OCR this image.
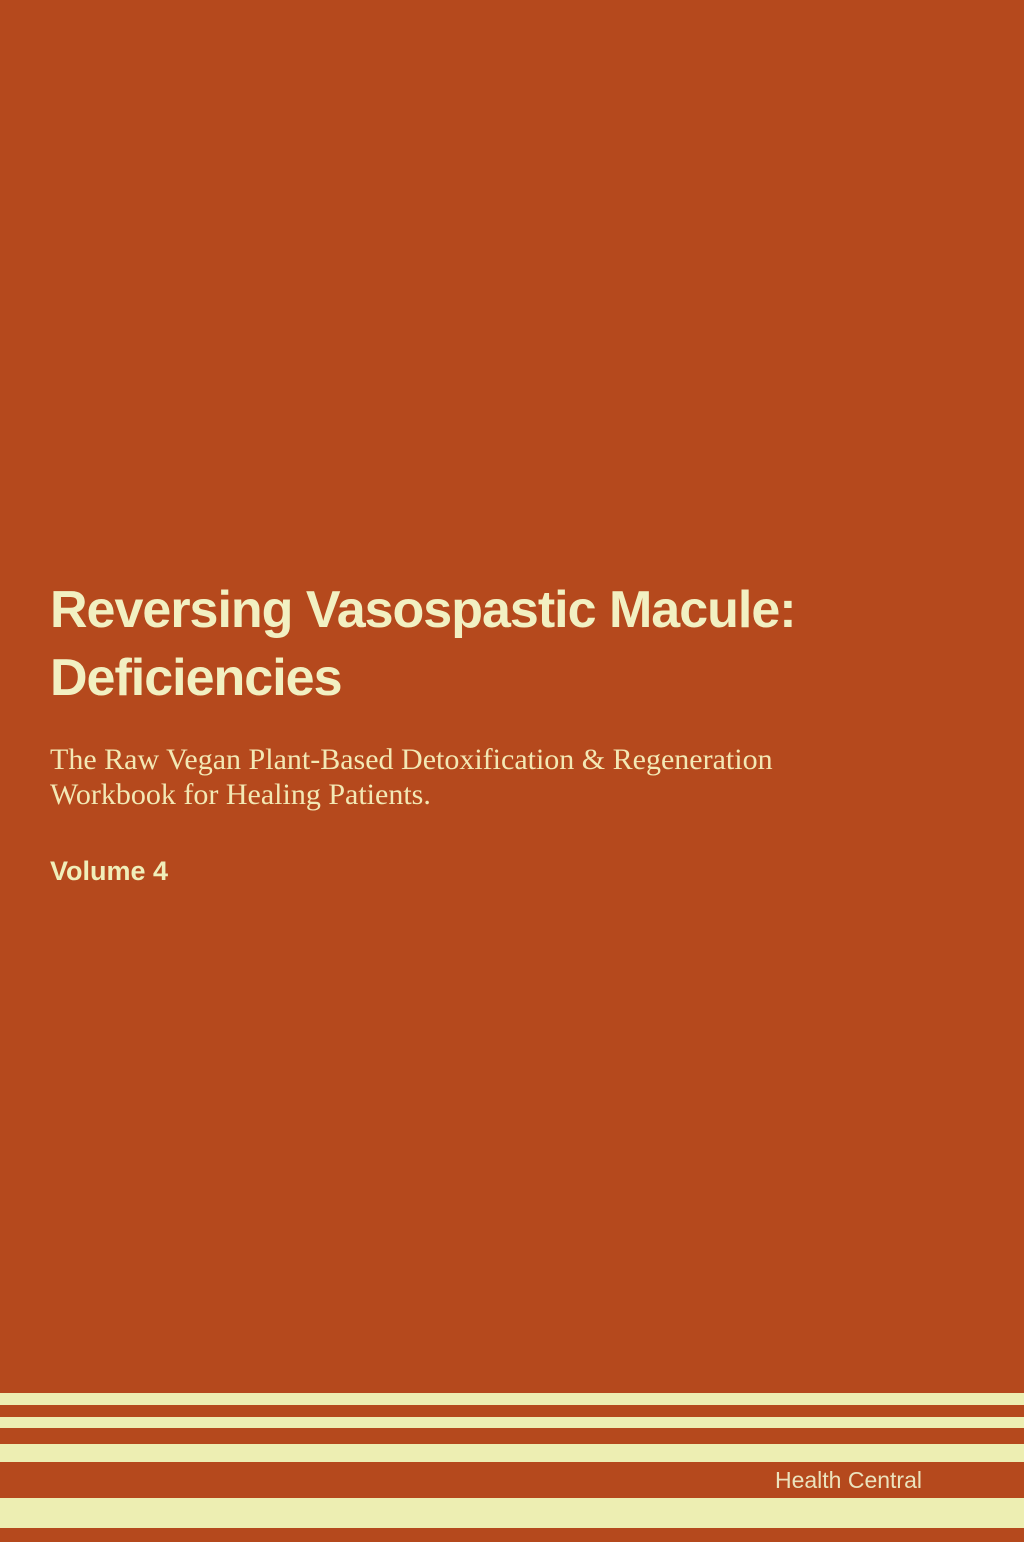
Reversing Vasospastic Macule:
Deficiencies

The Raw Vegan Plant-Based Detoxification & Regeneration
Workbook for Healing Patients.

Volume 4

Health Central
